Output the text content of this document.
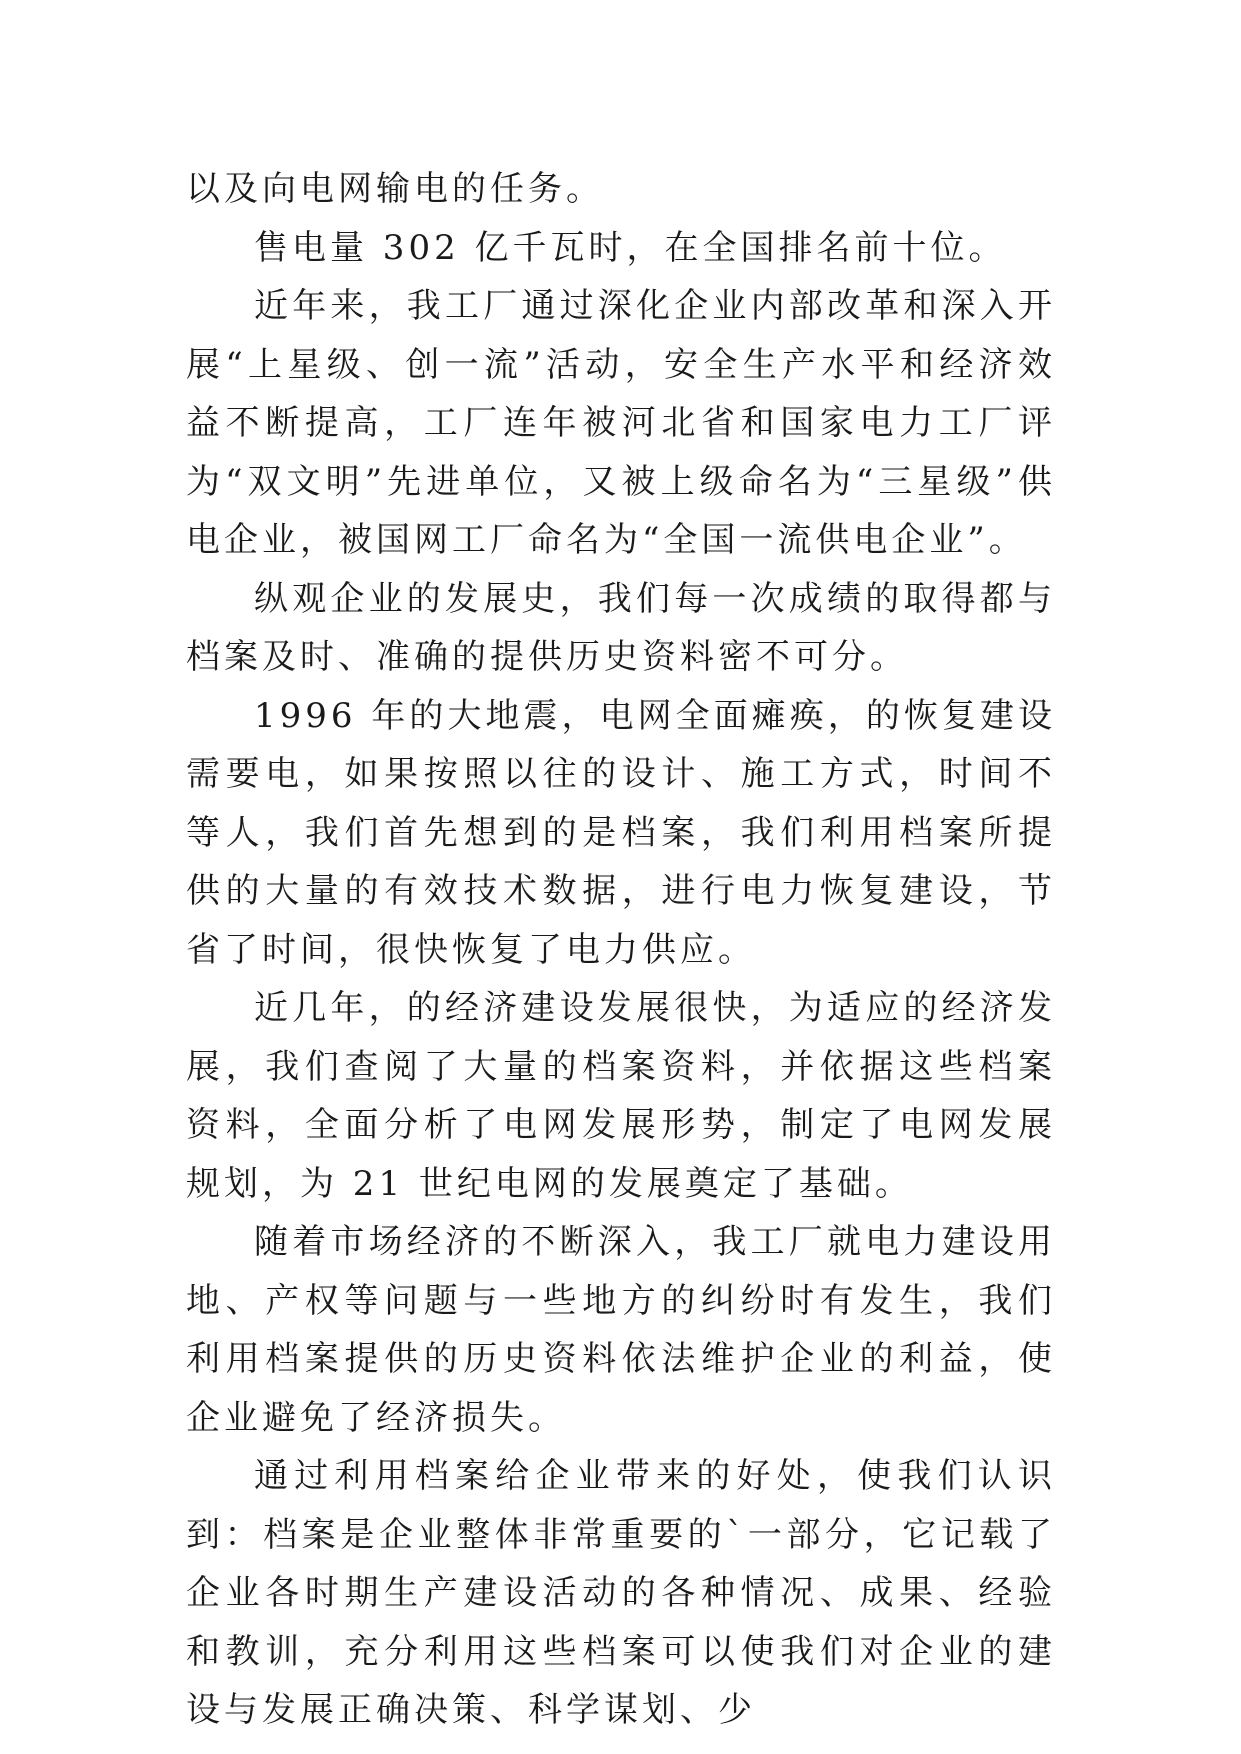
以及向电网输电的任务。

售电量 302 亿千瓦时，在全国排名前十位。

近年来，我工厂通过深化企业内部改革和深入开展“上星级、创一流”活动，安全生产水平和经济效益不断提高，工厂连年被河北省和国家电力工厂评为“双文明”先进单位，又被上级命名为“三星级”供电企业，被国网工厂命名为“全国一流供电企业”。

纵观企业的发展史，我们每一次成绩的取得都与档案及时、准确的提供历史资料密不可分。

1996 年的大地震，电网全面瘫痪，的恢复建设需要电，如果按照以往的设计、施工方式，时间不等人，我们首先想到的是档案，我们利用档案所提供的大量的有效技术数据，进行电力恢复建设，节省了时间，很快恢复了电力供应。

近几年，的经济建设发展很快，为适应的经济发展，我们查阅了大量的档案资料，并依据这些档案资料，全面分析了电网发展形势，制定了电网发展规划，为 21 世纪电网的发展奠定了基础。

随着市场经济的不断深入，我工厂就电力建设用地、产权等问题与一些地方的纠纷时有发生，我们利用档案提供的历史资料依法维护企业的利益，使企业避免了经济损失。

通过利用档案给企业带来的好处，使我们认识到：档案是企业整体非常重要的`一部分，它记载了企业各时期生产建设活动的各种情况、成果、经验和教训，充分利用这些档案可以使我们对企业的建设与发展正确决策、科学谋划、少
